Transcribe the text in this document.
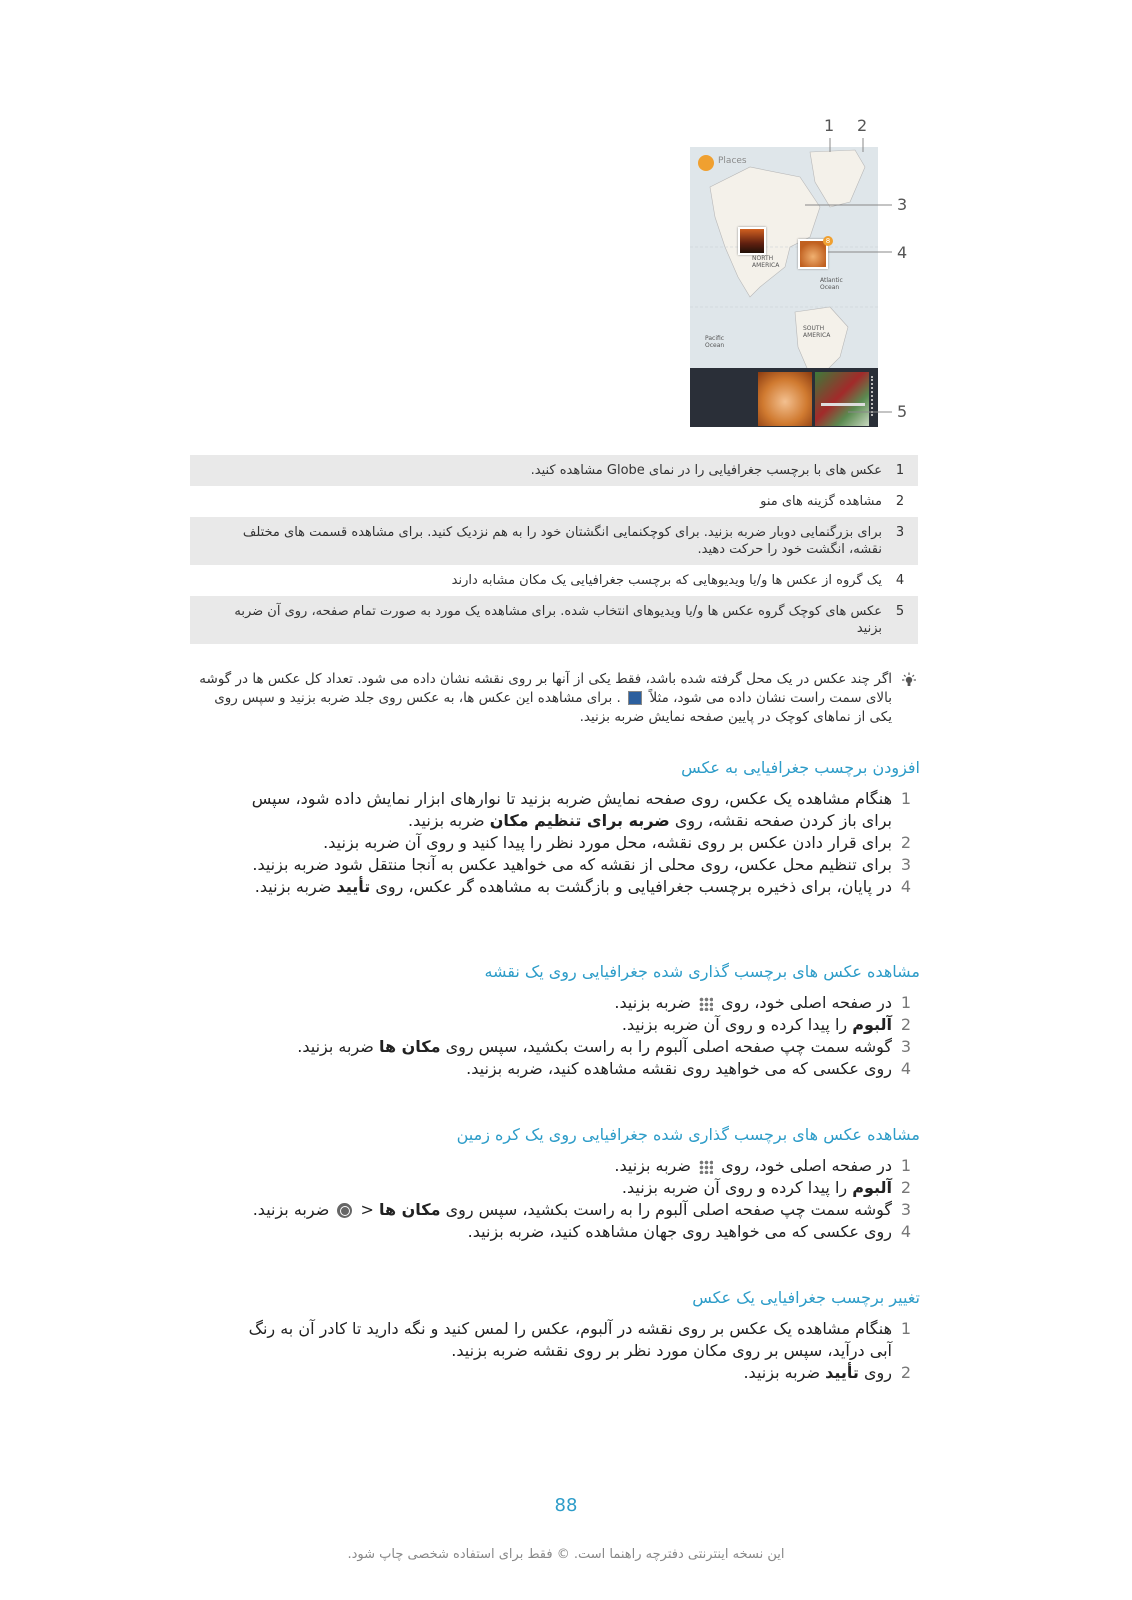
Places
8
NORTH AMERICA
Atlantic Ocean
Pacific Ocean
SOUTH AMERICA
1 2
3
4
5
1
عکس های با برچسب جغرافیایی را در نمای Globe مشاهده کنید.
2
مشاهده گزینه های منو
3
برای بزرگنمایی دوبار ضربه بزنید. برای کوچکنمایی انگشتان خود را به هم نزدیک کنید. برای مشاهده قسمت های مختلف نقشه، انگشت خود را حرکت دهید.
4
یک گروه از عکس ها و/یا ویدیوهایی که برچسب جغرافیایی یک مکان مشابه دارند
5
عکس های کوچک گروه عکس ها و/یا ویدیوهای انتخاب شده. برای مشاهده یک مورد به صورت تمام صفحه، روی آن ضربه بزنید
اگر چند عکس در یک محل گرفته شده باشد، فقط یکی از آنها بر روی نقشه نشان داده می شود. تعداد کل عکس ها در گوشه بالای سمت راست نشان داده می شود، مثلاً  . برای مشاهده این عکس ها، به عکس روی جلد ضربه بزنید و سپس روی یکی از نماهای کوچک در پایین صفحه نمایش ضربه بزنید.
افزودن برچسب جغرافیایی به عکس
1
هنگام مشاهده یک عکس، روی صفحه نمایش ضربه بزنید تا نوارهای ابزار نمایش داده شود، سپس برای باز کردن صفحه نقشه، روی ضربه برای تنظیم مکان ضربه بزنید.
2
برای قرار دادن عکس بر روی نقشه، محل مورد نظر را پیدا کنید و روی آن ضربه بزنید.
3
برای تنظیم محل عکس، روی محلی از نقشه که می خواهید عکس به آنجا منتقل شود ضربه بزنید.
4
در پایان، برای ذخیره برچسب جغرافیایی و بازگشت به مشاهده گر عکس، روی تأیید ضربه بزنید.
مشاهده عکس های برچسب گذاری شده جغرافیایی روی یک نقشه
1
در صفحه اصلی خود، روی  ضربه بزنید.
2
آلبوم را پیدا کرده و روی آن ضربه بزنید.
3
گوشه سمت چپ صفحه اصلی آلبوم را به راست بکشید، سپس روی مکان ها ضربه بزنید.
4
روی عکسی که می خواهید روی نقشه مشاهده کنید، ضربه بزنید.
مشاهده عکس های برچسب گذاری شده جغرافیایی روی یک کره زمین
1
در صفحه اصلی خود، روی  ضربه بزنید.
2
آلبوم را پیدا کرده و روی آن ضربه بزنید.
3
گوشه سمت چپ صفحه اصلی آلبوم را به راست بکشید، سپس روی مکان ها <  ضربه بزنید.
4
روی عکسی که می خواهید روی جهان مشاهده کنید، ضربه بزنید.
تغییر برچسب جغرافیایی یک عکس
1
هنگام مشاهده یک عکس بر روی نقشه در آلبوم، عکس را لمس کنید و نگه دارید تا کادر آن به رنگ آبی درآید، سپس بر روی مکان مورد نظر بر روی نقشه ضربه بزنید.
2
روی تأیید ضربه بزنید.
88
این نسخه اینترنتی دفترچه راهنما است. © فقط برای استفاده شخصی چاپ شود.
